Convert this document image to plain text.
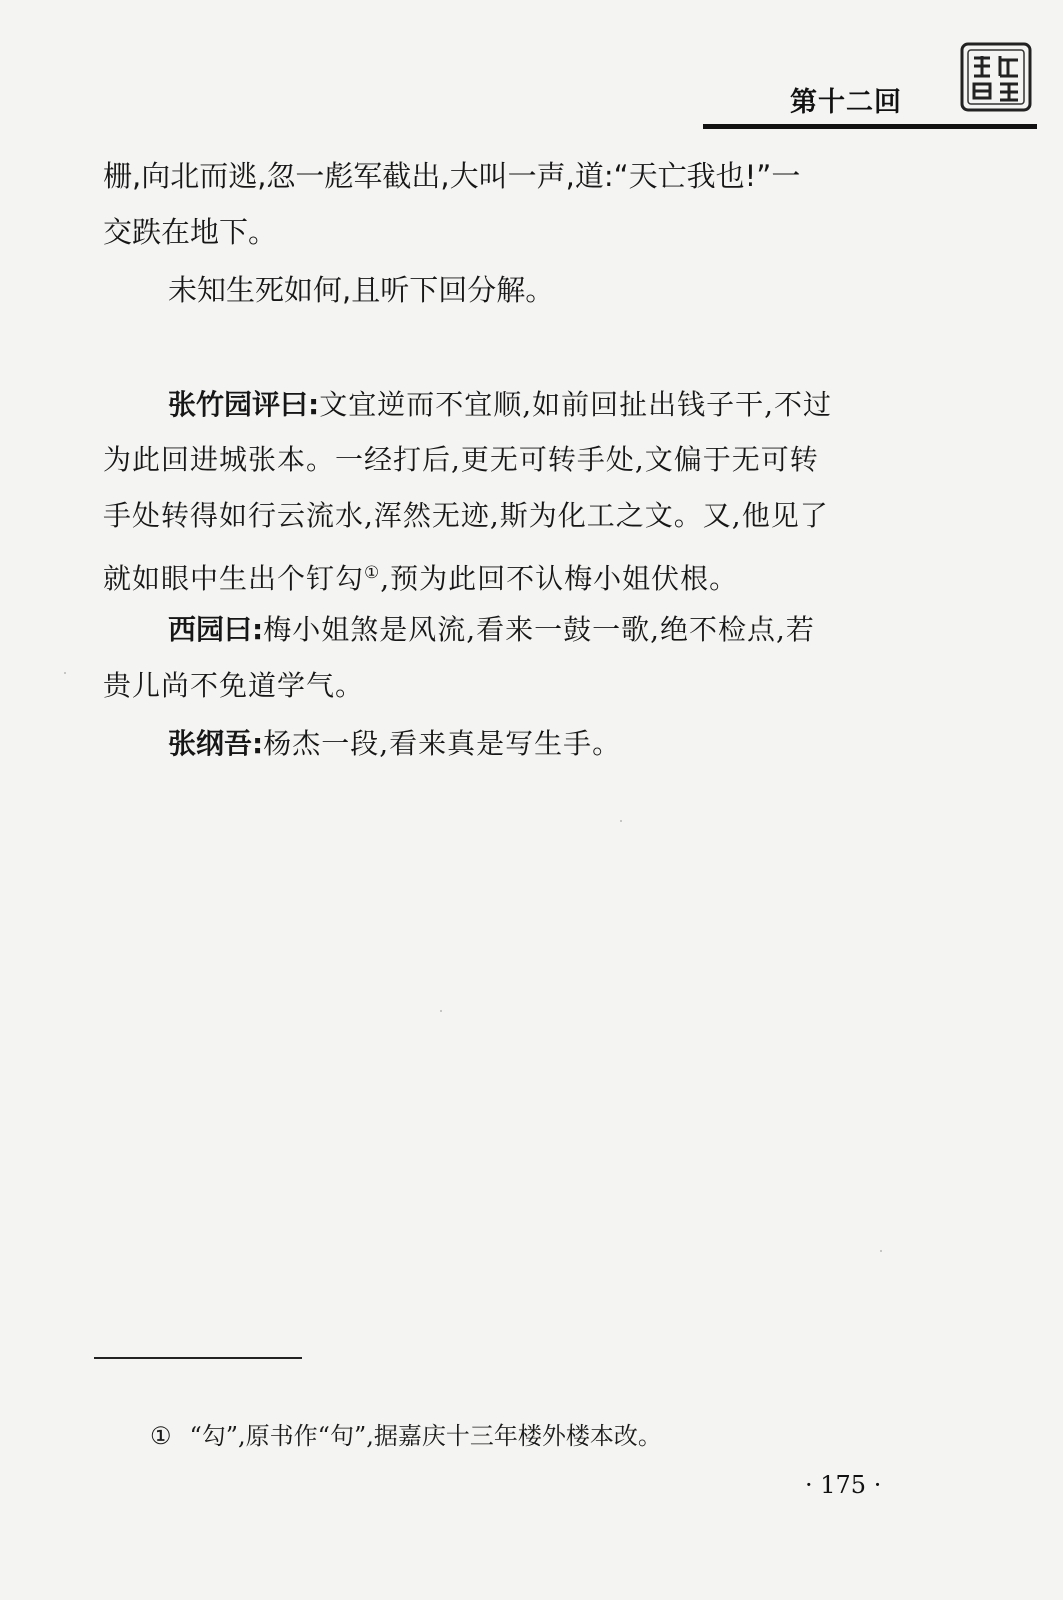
第十二回
栅,向北而逃,忽一彪军截出,大叫一声,道:“天亡我也!”一
交跌在地下。
未知生死如何,且听下回分解。
张竹园评曰:文宜逆而不宜顺,如前回扯出钱子干,不过
为此回进城张本。一经打后,更无可转手处,文偏于无可转
手处转得如行云流水,浑然无迹,斯为化工之文。又,他见了
就如眼中生出个钉勾①,预为此回不认梅小姐伏根。
西园曰:梅小姐煞是风流,看来一鼓一歌,绝不检点,若
贵儿尚不免道学气。
张纲吾:杨杰一段,看来真是写生手。
① “勾”,原书作“句”,据嘉庆十三年楼外楼本改。
· 175 ·
